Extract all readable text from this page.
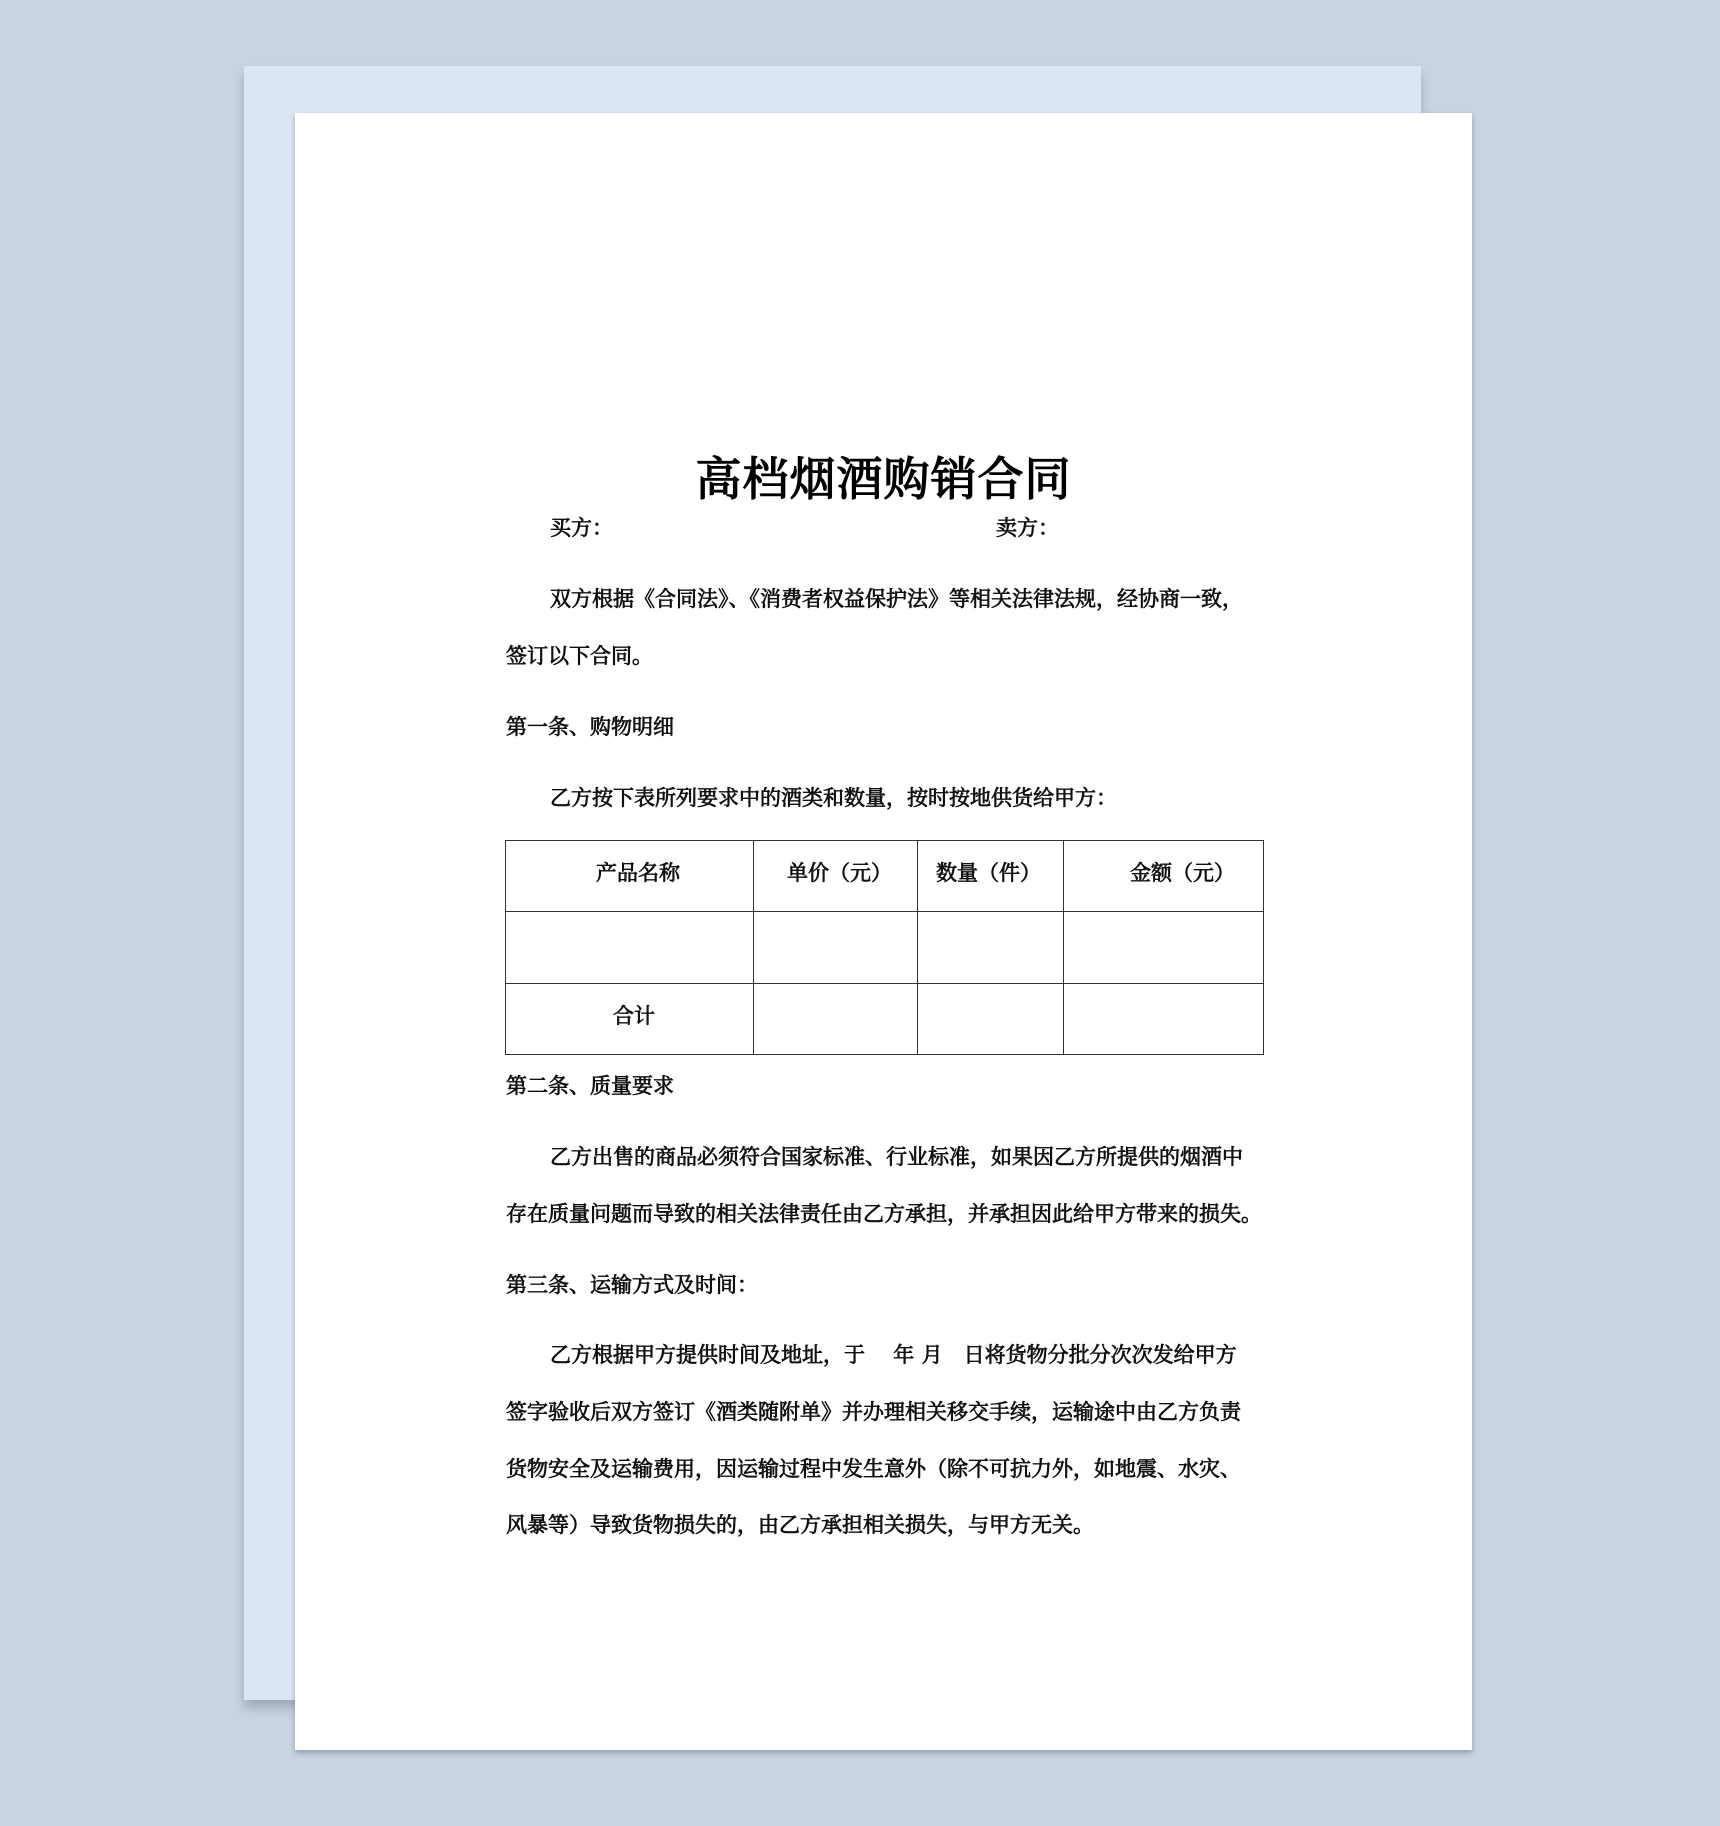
高档烟酒购销合同
买方：	卖方：
双方根据《合同法》、《消费者权益保护法》等相关法律法规，经协商一致，
签订以下合同。
第一条、购物明细
乙方按下表所列要求中的酒类和数量，按时按地供货给甲方：
产品名称	单价（元）	数量（件）	金额（元）

合计			

第二条、质量要求
乙方出售的商品必须符合国家标准、行业标准，如果因乙方所提供的烟酒中
存在质量问题而导致的相关法律责任由乙方承担，并承担因此给甲方带来的损失。
第三条、运输方式及时间：
乙方根据甲方提供时间及地址，于　 年 月　日将货物分批分次次发给甲方
签字验收后双方签订《酒类随附单》并办理相关移交手续，运输途中由乙方负责
货物安全及运输费用，因运输过程中发生意外（除不可抗力外，如地震、水灾、
风暴等）导致货物损失的，由乙方承担相关损失，与甲方无关。
